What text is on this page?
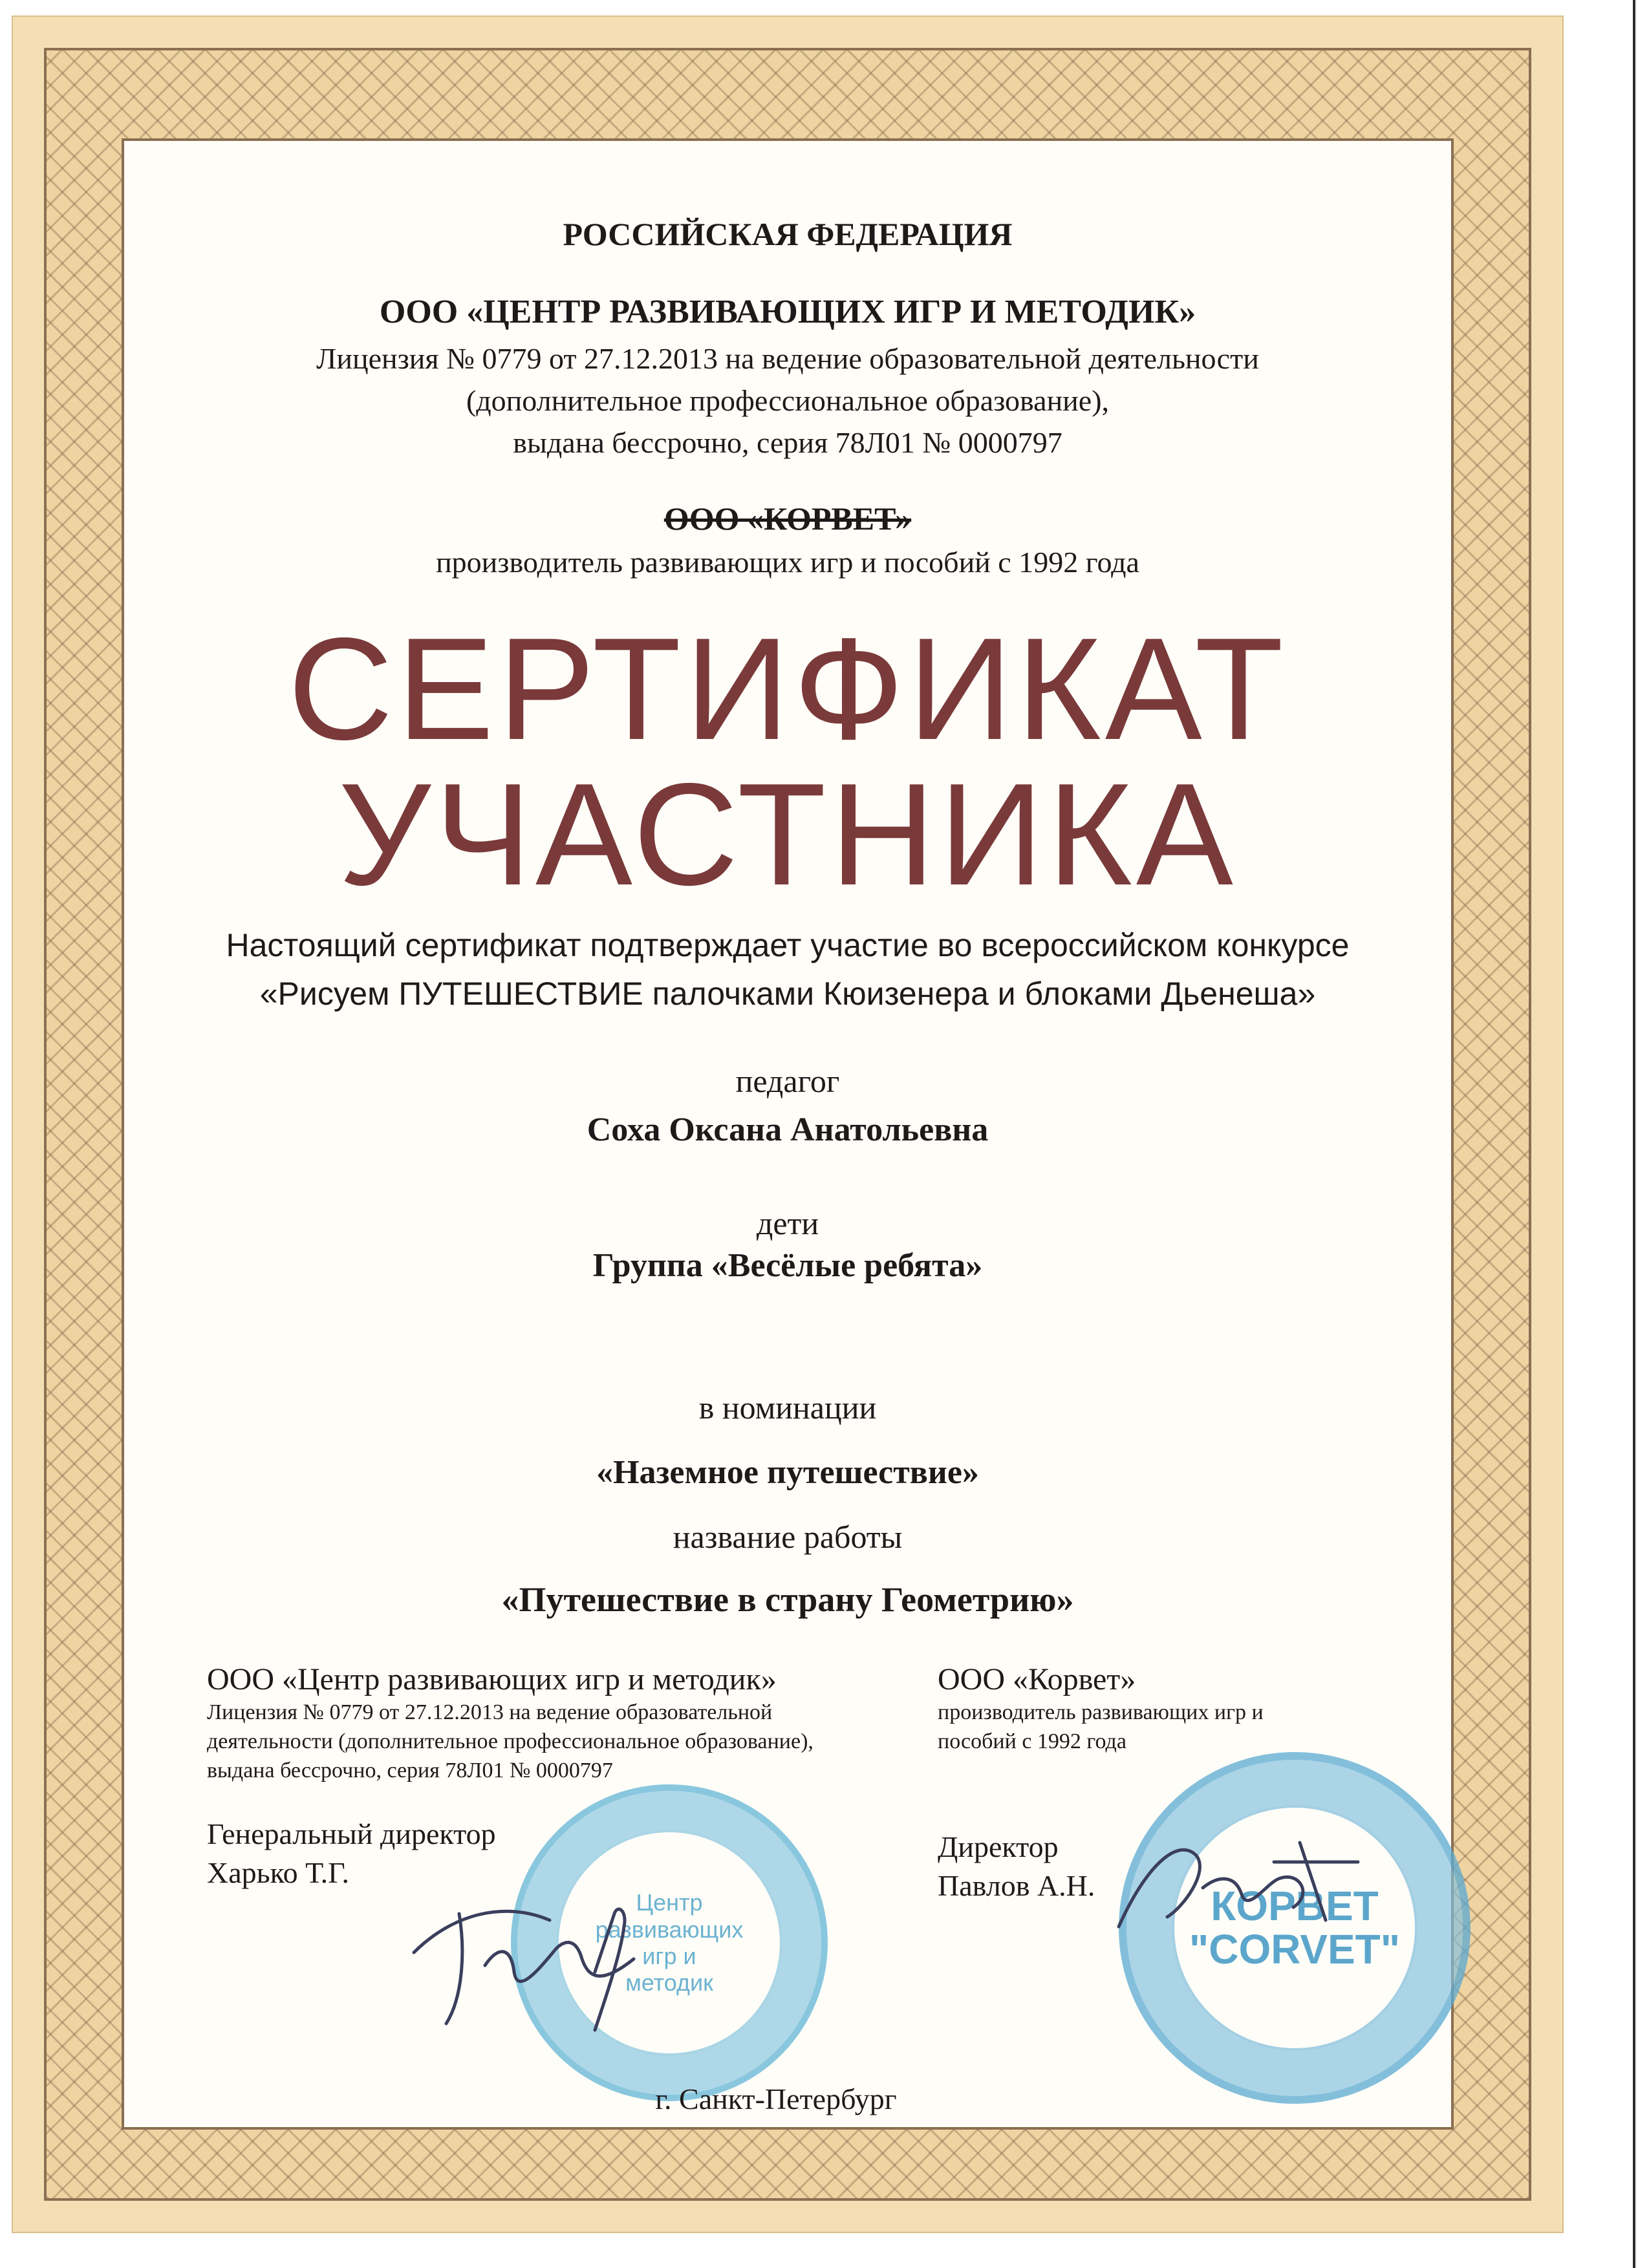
РОССИЙСКАЯ ФЕДЕРАЦИЯ
ООО «ЦЕНТР РАЗВИВАЮЩИХ ИГР И МЕТОДИК»
Лицензия № 0779 от 27.12.2013 на ведение образовательной деятельности
(дополнительное профессиональное образование),
выдана бессрочно, серия 78Л01 № 0000797
ООО «КОРВЕТ»
производитель развивающих игр и пособий с 1992 года
СЕРТИФИКАТ
УЧАСТНИКА
Настоящий сертификат подтверждает участие во всероссийском конкурсе
«Рисуем ПУТЕШЕСТВИЕ палочками Кюизенера и блоками Дьенеша»
педагог
Соха Оксана Анатольевна
дети
Группа «Весёлые ребята»
в номинации
«Наземное путешествие»
название работы
«Путешествие в страну Геометрию»
ООО «Центр развивающих игр и методик»
Лицензия № 0779 от 27.12.2013 на ведение образовательной
деятельности (дополнительное профессиональное образование),
выдана бессрочно, серия 78Л01 № 0000797
Генеральный директор
Харько Т.Г.
ООО «Корвет»
производитель развивающих игр и
пособий с 1992 года
Директор
Павлов А.Н.
Центр
развивающих
игр и
методик
КОРВЕТ
"CORVET"
г. Санкт-Петербург
